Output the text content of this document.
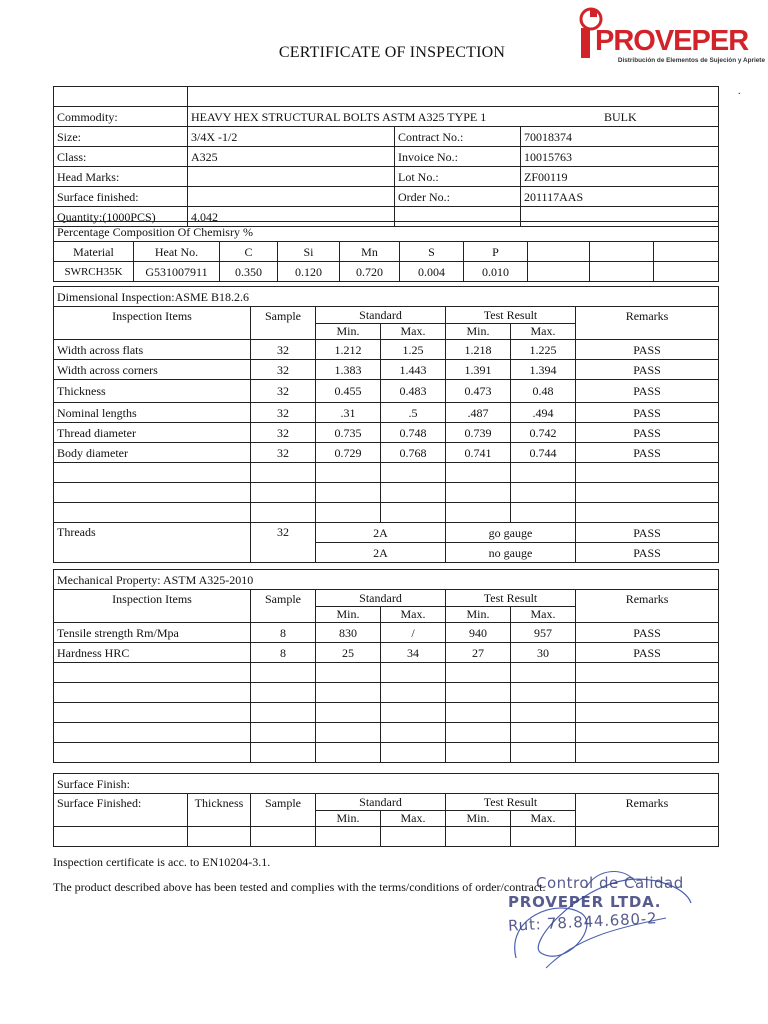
CERTIFICATE OF INSPECTION	PROVEPER
Distribución de Elementos de Sujeción y Apriete
.

Commodity:	HEAVY HEX STRUCTURAL BOLTS ASTM A325 TYPE 1 BULK		

Size:	3/4X -1/2	Contract No.:	70018374
Class:	A325	Invoice No.:	10015763
Head Marks:		Lot No.:	ZF00119
Surface finished:		Order No.:	201117AAS
Quantity:(1000PCS)	4.042		
Percentage Composition Of Chemisry %									
Material	Heat No.	C	Si	Mn	S	P			
SWRCH35K	G531007911	0.350	0.120	0.720	0.004	0.010			
Dimensional Inspection:ASME B18.2.6						
Inspection Items	Sample	Standard		Test Result		Remarks
		Min.	Max.	Min.	Max.	
Width across flats	32	1.212	1.25	1.218	1.225	PASS
Width across corners	32	1.383	1.443	1.391	1.394	PASS
Thickness	32	0.455	0.483	0.473	0.48	PASS
Nominal lengths	32	.31	.5	.487	.494	PASS
Thread diameter	32	0.735	0.748	0.739	0.742	PASS
Body diameter	32	0.729	0.768	0.741	0.744	PASS

Threads	32	2A		go gauge		PASS
		2A		no gauge		PASS
Mechanical Property: ASTM A325-2010						
Inspection Items	Sample	Standard		Test Result		Remarks
		Min.	Max.	Min.	Max.	
Tensile strength Rm/Mpa	8	830	/	940	957	PASS
Hardness HRC	8	25	34	27	30	PASS

Surface Finish:							
Surface Finished:	Thickness	Sample	Standard		Test Result		Remarks
			Min.	Max.	Min.	Max.	

Inspection certificate is acc. to EN10204-3.1.
The product described above has been tested and complies with the terms/conditions of order/contract.
Control de Calidad
PROVEPER LTDA.
Rut: 78.844.680-2
